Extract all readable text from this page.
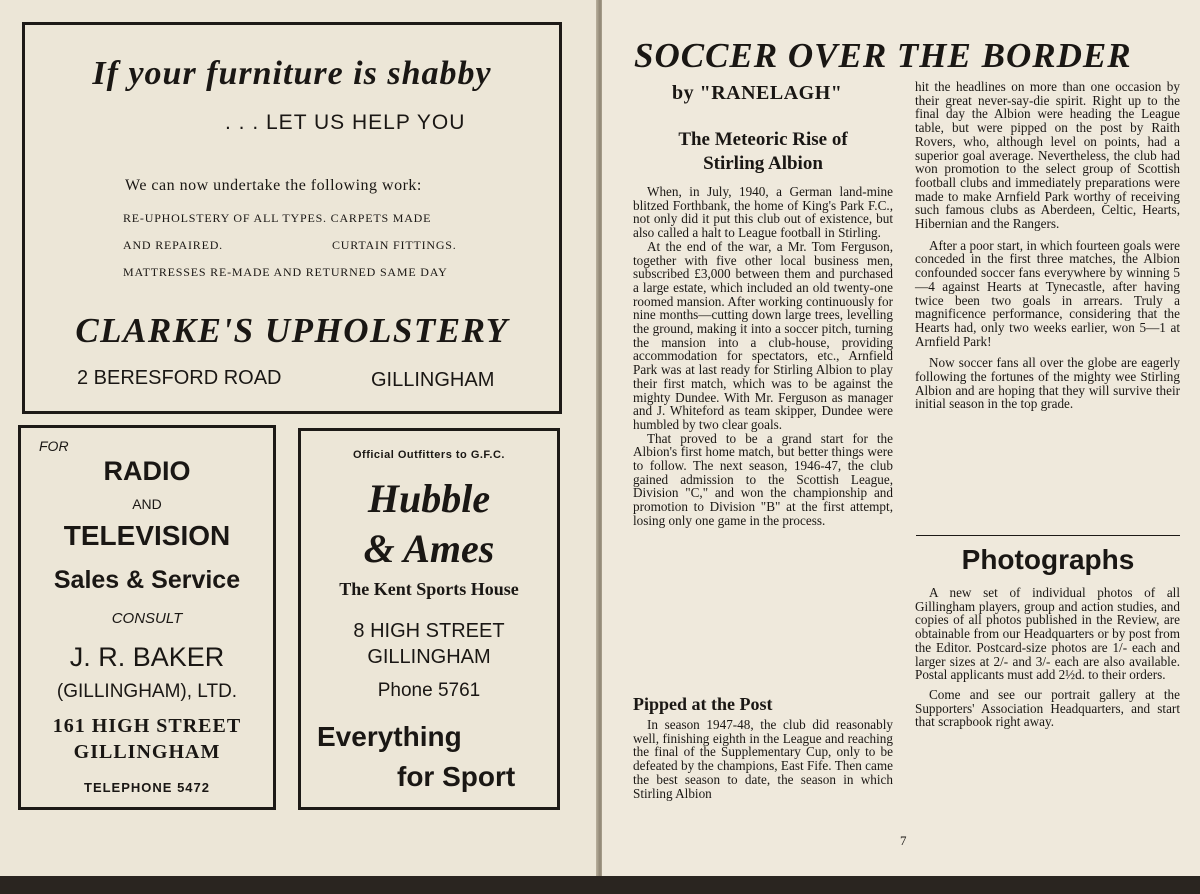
If your furniture is shabby
. . . LET US HELP YOU
We can now undertake the following work:
RE-UPHOLSTERY OF ALL TYPES. CARPETS MADE
AND REPAIRED.	CURTAIN FITTINGS.
MATTRESSES RE-MADE AND RETURNED SAME DAY
CLARKE'S UPHOLSTERY
2 BERESFORD ROAD	GILLINGHAM
FOR
RADIO
AND
TELEVISION
Sales & Service
CONSULT
J. R. BAKER
(GILLINGHAM), LTD.
161 HIGH STREET
GILLINGHAM
TELEPHONE 5472
Official Outfitters to G.F.C.
Hubble
& Ames
The Kent Sports House
8 HIGH STREET
GILLINGHAM
Phone 5761
Everything
for Sport
SOCCER OVER THE BORDER
by "RANELAGH"
The Meteoric Rise of
Stirling Albion

When, in July, 1940, a German land-mine blitzed Forthbank, the home of King's Park F.C., not only did it put this club out of existence, but also called a halt to League football in Stirling.

At the end of the war, a Mr. Tom Ferguson, together with five other local business men, subscribed £3,000 between them and purchased a large estate, which included an old twenty-one roomed mansion. After working continuously for nine months—cutting down large trees, levelling the ground, making it into a soccer pitch, turning the mansion into a club-house, providing accommodation for spectators, etc., Arnfield Park was at last ready for Stirling Albion to play their first match, which was to be against the mighty Dundee. With Mr. Ferguson as manager and J. Whiteford as team skipper, Dundee were humbled by two clear goals.

That proved to be a grand start for the Albion's first home match, but better things were to follow. The next season, 1946-47, the club gained admission to the Scottish League, Division "C," and won the championship and promotion to Division "B" at the first attempt, losing only one game in the process.

Pipped at the Post

In season 1947-48, the club did reasonably well, finishing eighth in the League and reaching the final of the Supplementary Cup, only to be defeated by the champions, East Fife. Then came the best season to date, the season in which Stirling Albion

hit the headlines on more than one occasion by their great never-say-die spirit. Right up to the final day the Albion were heading the League table, but were pipped on the post by Raith Rovers, who, although level on points, had a superior goal average. Nevertheless, the club had won promotion to the select group of Scottish football clubs and immediately preparations were made to make Arnfield Park worthy of receiving such famous clubs as Aberdeen, Celtic, Hearts, Hibernian and the Rangers.

After a poor start, in which fourteen goals were conceded in the first three matches, the Albion confounded soccer fans everywhere by winning 5—4 against Hearts at Tynecastle, after having twice been two goals in arrears. Truly a magnificence performance, considering that the Hearts had, only two weeks earlier, won 5—1 at Arnfield Park!

Now soccer fans all over the globe are eagerly following the fortunes of the mighty wee Stirling Albion and are hoping that they will survive their initial season in the top grade.

Photographs

A new set of individual photos of all Gillingham players, group and action studies, and copies of all photos published in the Review, are obtainable from our Headquarters or by post from the Editor. Postcard-size photos are 1/- each and larger sizes at 2/- and 3/- each are also available. Postal applicants must add 2½d. to their orders.

Come and see our portrait gallery at the Supporters' Association Headquarters, and start that scrapbook right away.

7
